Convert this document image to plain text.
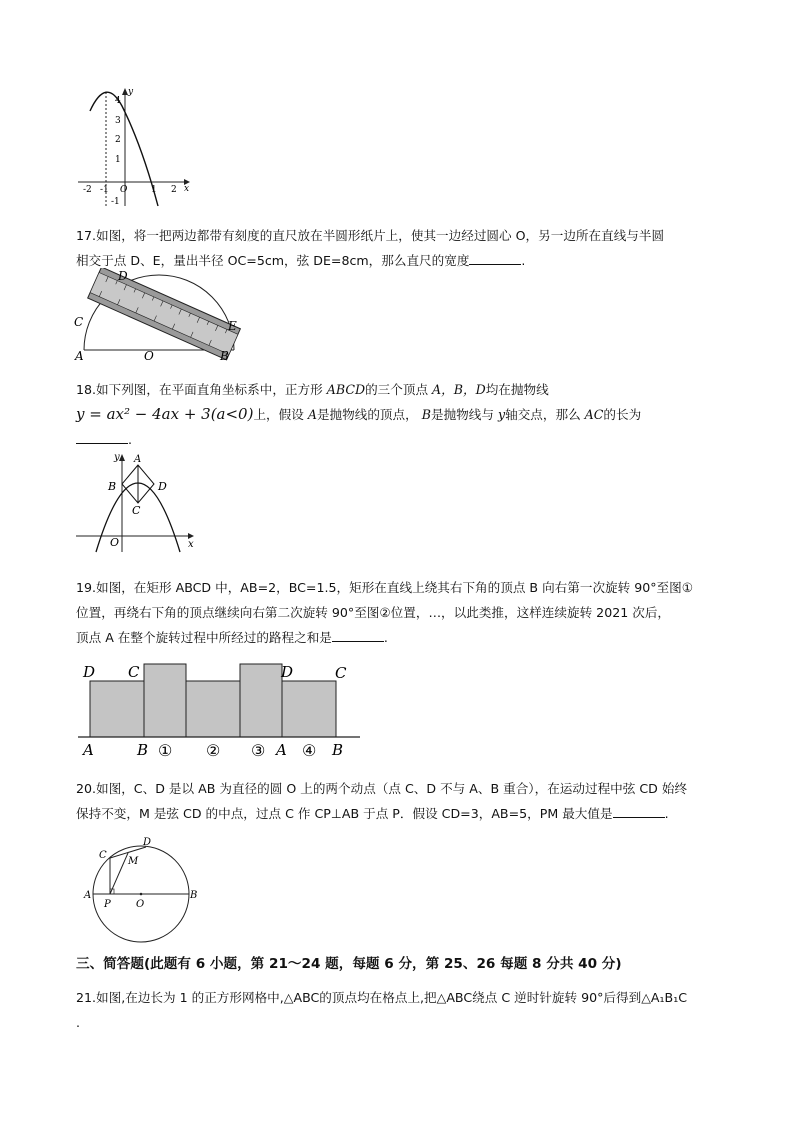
y
x
4
3
2
1
-1
-2 -1 O	1 2

17.如图，将一把两边都带有刻度的直尺放在半圆形纸片上，使其一边经过圆心 O，另一边所在直线与半圆

相交于点 D、E，量出半径 OC=5cm，弦 DE=8cm，那么直尺的宽度	.

D
C	E
A	O	B

18.如下列图，在平面直角坐标系中，正方形 ABCD的三个顶点 A，B，D均在抛物线

y = ax² − 4ax + 3(a<0)上，假设 A是抛物线的顶点， B是抛物线与 y轴交点，那么 AC的长为

.

y A
B	D
C
O	x

19.如图，在矩形 ABCD 中，AB=2，BC=1.5，矩形在直线上绕其右下角的顶点 B 向右第一次旋转 90°至图①

位置，再绕右下角的顶点继续向右第二次旋转 90°至图②位置，…，以此类推，这样连续旋转 2021 次后，

顶点 A 在整个旋转过程中所经过的路程之和是	.

D C	D	C
A	B ① ② ③ A ④ B

20.如图，C、D 是以 AB 为直径的圆 O 上的两个动点（点 C、D 不与 A、B 重合），在运动过程中弦 CD 始终

保持不变，M 是弦 CD 的中点，过点 C 作 CP⊥AB 于点 P．假设 CD=3，AB=5，PM 最大值是	.

D
C
M
A
P	O
B
三、简答题(此题有 6 小题，第 21～24 题，每题 6 分，第 25、26 每题 8 分共 40 分)

21.如图,在边长为 1 的正方形网格中,△ABC的顶点均在格点上,把△ABC绕点 C 逆时针旋转 90°后得到△A₁B₁C

.
